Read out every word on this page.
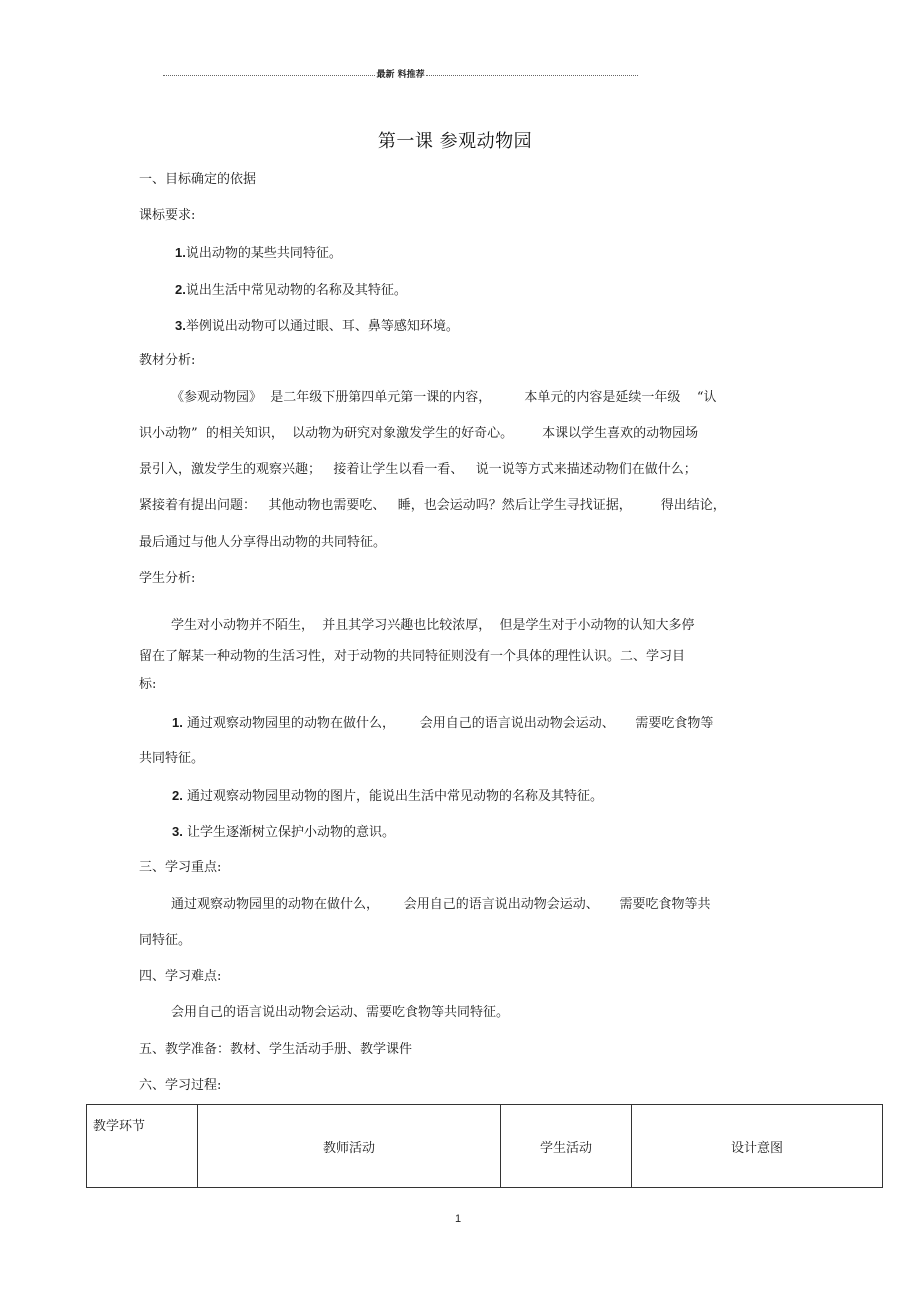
最新 料推荐
第一课 参观动物园
一、目标确定的依据
课标要求:
1.说出动物的某些共同特征。
2.说出生活中常见动物的名称及其特征。
3.举例说出动物可以通过眼、耳、鼻等感知环境。
教材分析:
《参观动物园》  是二年级下册第四单元第一课的内容，        本单元的内容是延续一年级    “认
识小动物”  的相关知识，  以动物为研究对象激发学生的好奇心。       本课以学生喜欢的动物园场
景引入，激发学生的观察兴趣；   接着让学生以看一看、   说一说等方式来描述动物们在做什么；
紧接着有提出问题：   其他动物也需要吃、   睡，也会运动吗？然后让学生寻找证据，       得出结论，
最后通过与他人分享得出动物的共同特征。
学生分析:
学生对小动物并不陌生，  并且其学习兴趣也比较浓厚，  但是学生对于小动物的认知大多停
留在了解某一种动物的生活习性，对于动物的共同特征则没有一个具体的理性认识。二、学习目
标:
1. 通过观察动物园里的动物在做什么，      会用自己的语言说出动物会运动、     需要吃食物等
共同特征。
2. 通过观察动物园里动物的图片，能说出生活中常见动物的名称及其特征。
3. 让学生逐渐树立保护小动物的意识。
三、学习重点:
通过观察动物园里的动物在做什么，      会用自己的语言说出动物会运动、     需要吃食物等共
同特征。
四、学习难点:
会用自己的语言说出动物会运动、需要吃食物等共同特征。
五、教学准备：教材、学生活动手册、教学课件
六、学习过程:
教学环节	教师活动	学生活动	设计意图
1
